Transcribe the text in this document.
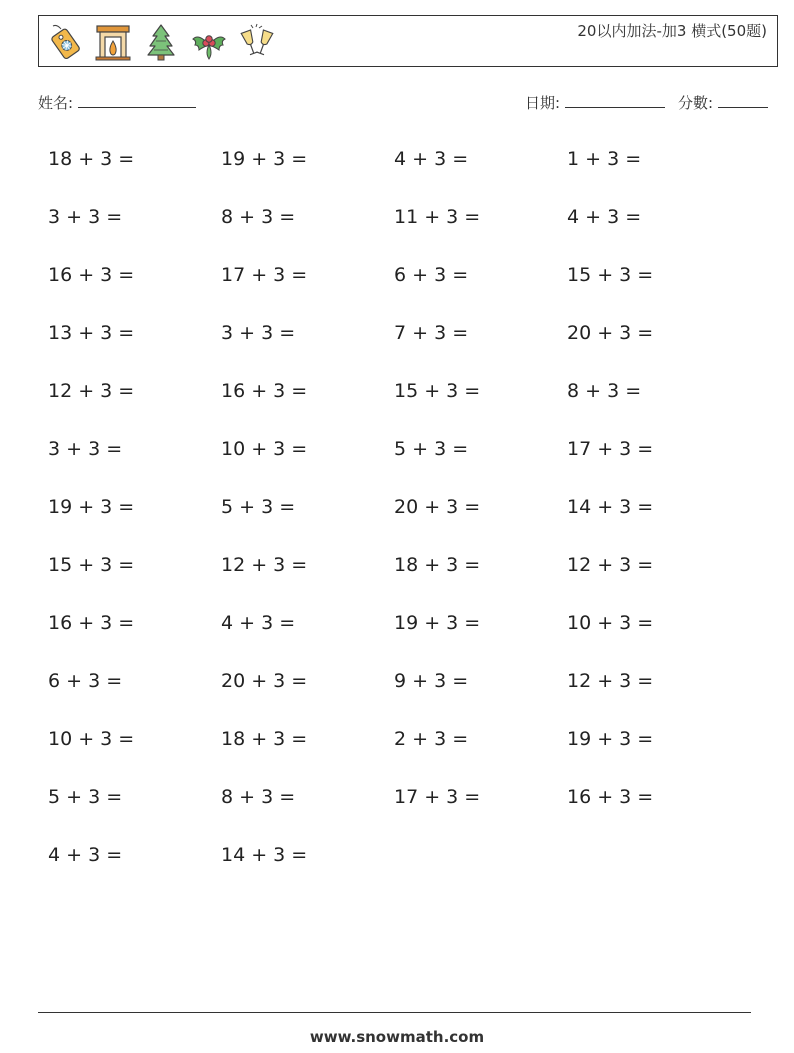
20以内加法-加3 横式(50题)
姓名:	日期:	分數:
18 + 3 =
3 + 3 =
16 + 3 =
13 + 3 =
12 + 3 =
3 + 3 =
19 + 3 =
15 + 3 =
16 + 3 =
6 + 3 =
10 + 3 =
5 + 3 =
4 + 3 =
19 + 3 =
8 + 3 =
17 + 3 =
3 + 3 =
16 + 3 =
10 + 3 =
5 + 3 =
12 + 3 =
4 + 3 =
20 + 3 =
18 + 3 =
8 + 3 =
14 + 3 =
4 + 3 =
11 + 3 =
6 + 3 =
7 + 3 =
15 + 3 =
5 + 3 =
20 + 3 =
18 + 3 =
19 + 3 =
9 + 3 =
2 + 3 =
17 + 3 =
1 + 3 =
4 + 3 =
15 + 3 =
20 + 3 =
8 + 3 =
17 + 3 =
14 + 3 =
12 + 3 =
10 + 3 =
12 + 3 =
19 + 3 =
16 + 3 =
www.snowmath.com
